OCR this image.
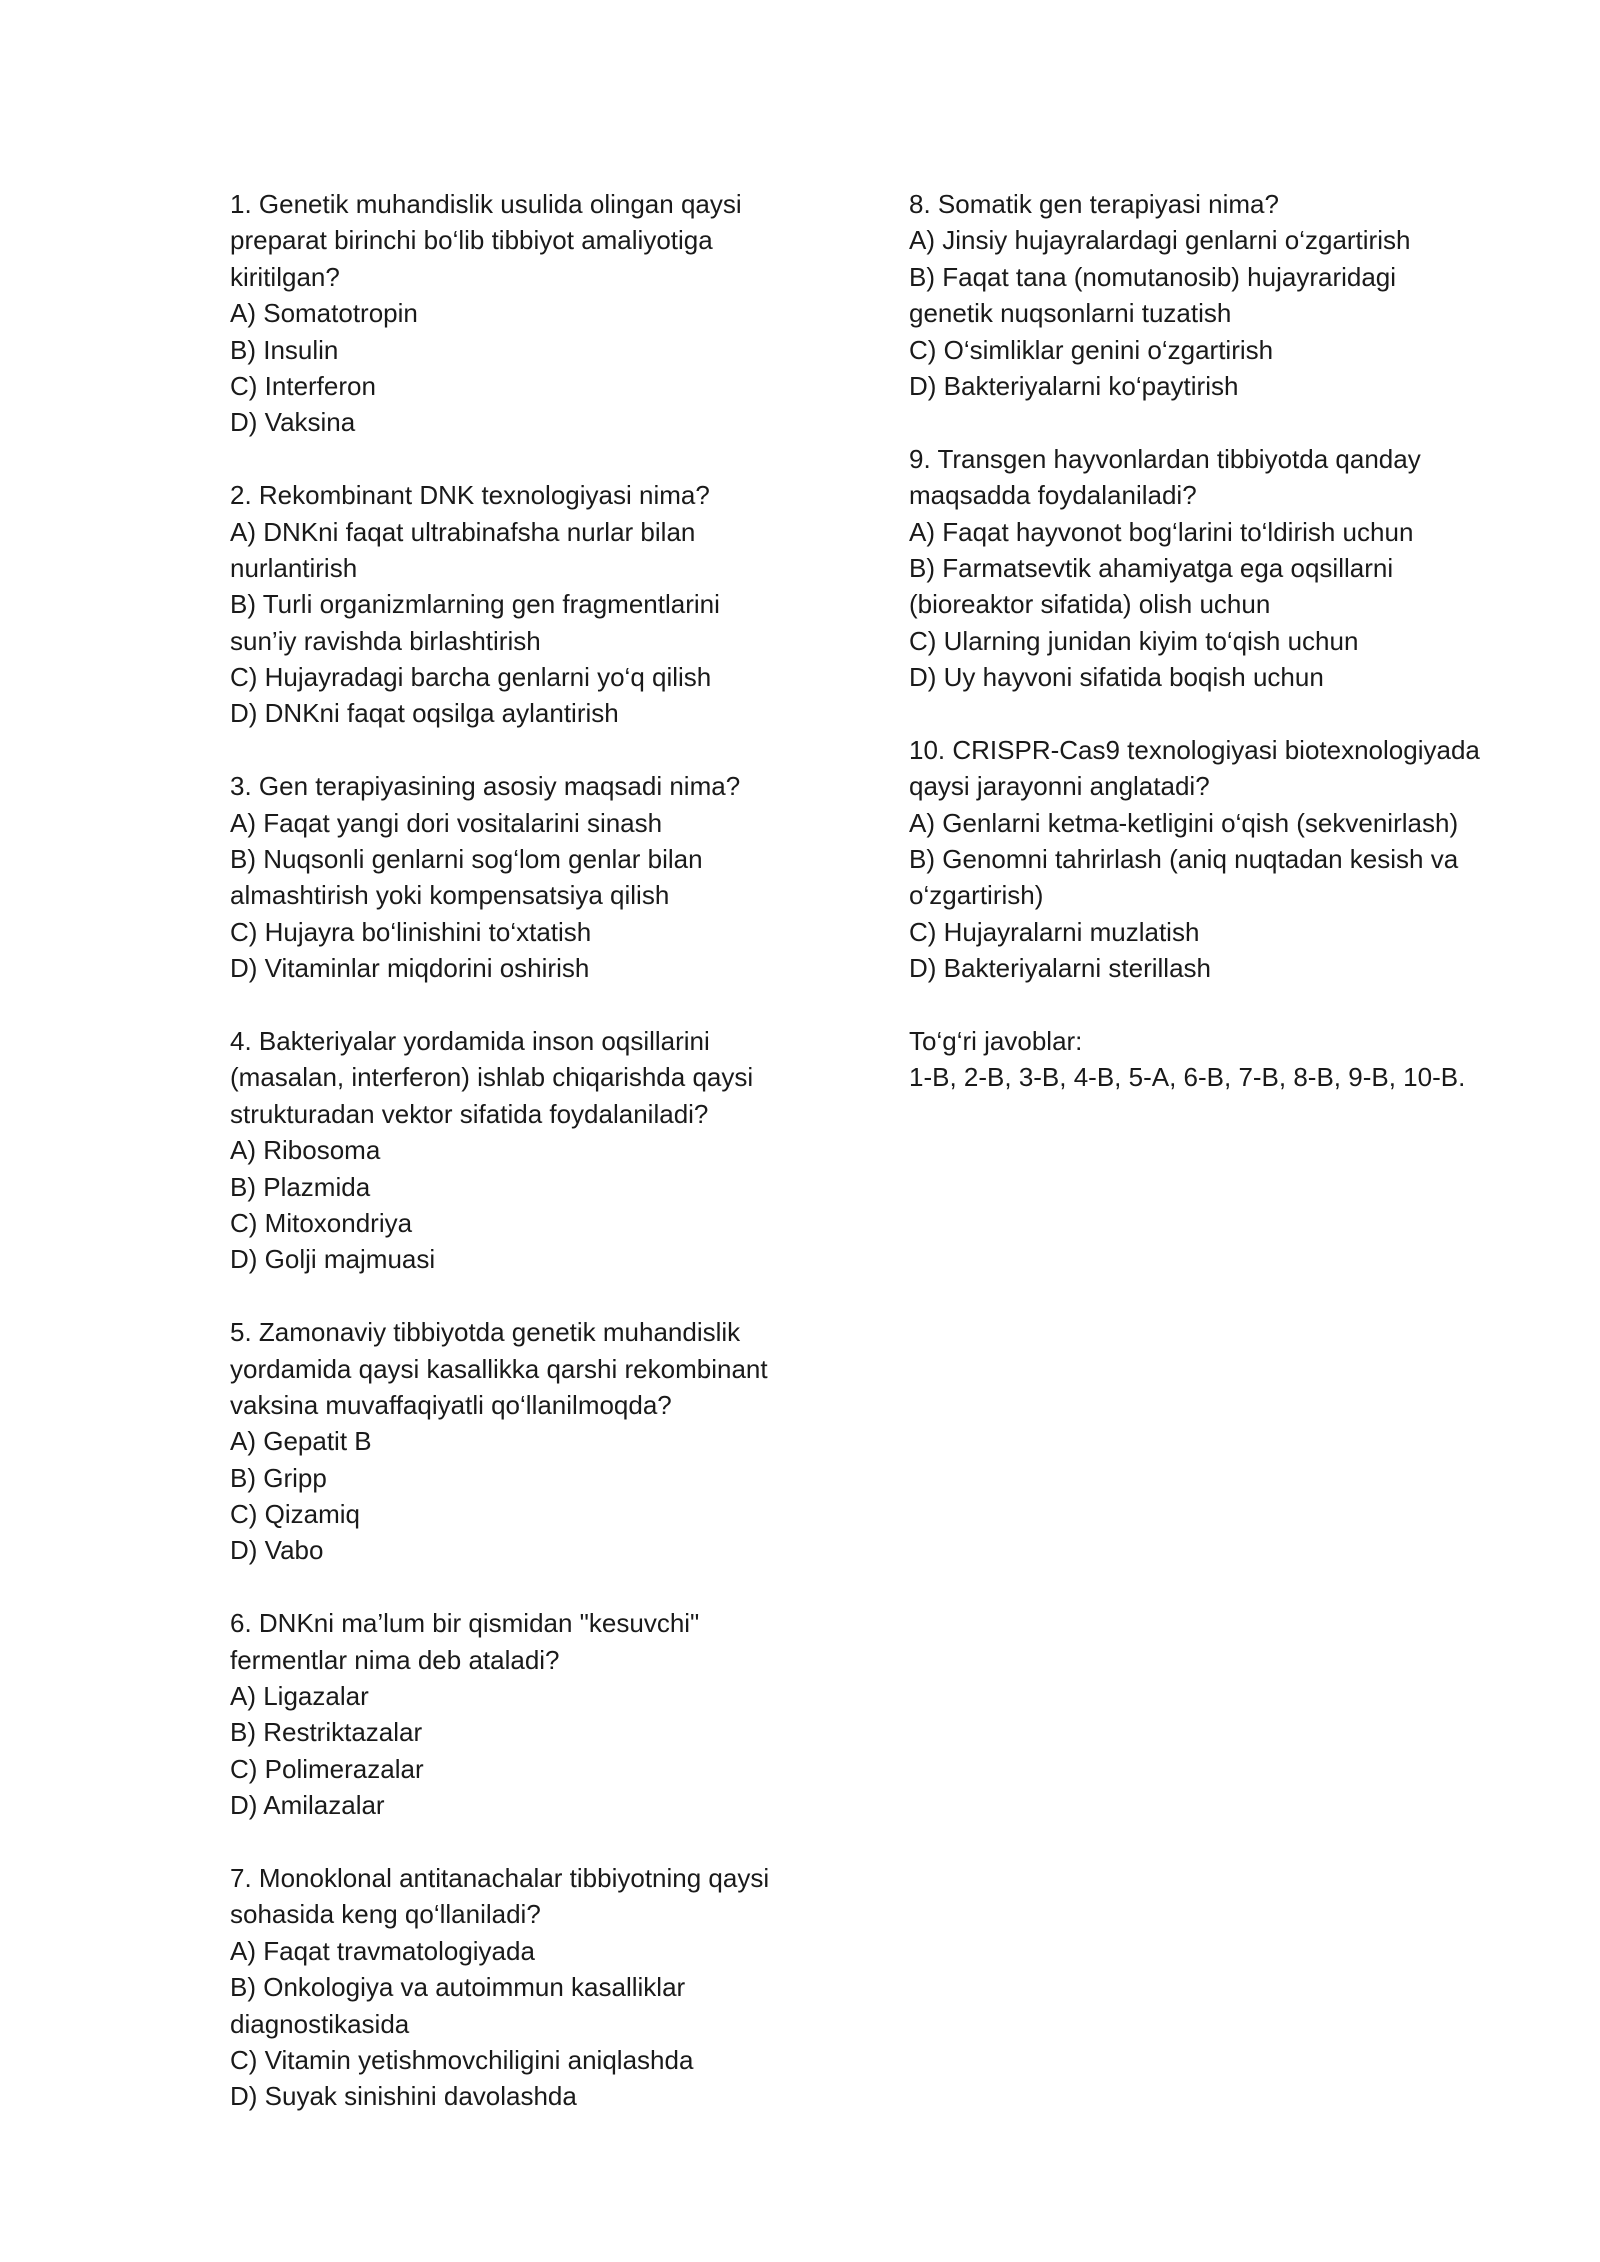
1. Genetik muhandislik usulida olingan qaysi
preparat birinchi bo‘lib tibbiyot amaliyotiga
kiritilgan?
A) Somatotropin
B) Insulin
C) Interferon
D) Vaksina
2. Rekombinant DNK texnologiyasi nima?
A) DNKni faqat ultrabinafsha nurlar bilan
nurlantirish
B) Turli organizmlarning gen fragmentlarini
sun’iy ravishda birlashtirish
C) Hujayradagi barcha genlarni yo‘q qilish
D) DNKni faqat oqsilga aylantirish
3. Gen terapiyasining asosiy maqsadi nima?
A) Faqat yangi dori vositalarini sinash
B) Nuqsonli genlarni sog‘lom genlar bilan
almashtirish yoki kompensatsiya qilish
C) Hujayra bo‘linishini to‘xtatish
D) Vitaminlar miqdorini oshirish
4. Bakteriyalar yordamida inson oqsillarini
(masalan, interferon) ishlab chiqarishda qaysi
strukturadan vektor sifatida foydalaniladi?
A) Ribosoma
B) Plazmida
C) Mitoxondriya
D) Golji majmuasi
5. Zamonaviy tibbiyotda genetik muhandislik
yordamida qaysi kasallikka qarshi rekombinant
vaksina muvaffaqiyatli qo‘llanilmoqda?
A) Gepatit B
B) Gripp
C) Qizamiq
D) Vabo
6. DNKni ma’lum bir qismidan "kesuvchi"
fermentlar nima deb ataladi?
A) Ligazalar
B) Restriktazalar
C) Polimerazalar
D) Amilazalar
7. Monoklonal antitanachalar tibbiyotning qaysi
sohasida keng qo‘llaniladi?
A) Faqat travmatologiyada
B) Onkologiya va autoimmun kasalliklar
diagnostikasida
C) Vitamin yetishmovchiligini aniqlashda
D) Suyak sinishini davolashda
8. Somatik gen terapiyasi nima?
A) Jinsiy hujayralardagi genlarni o‘zgartirish
B) Faqat tana (nomutanosib) hujayraridagi
genetik nuqsonlarni tuzatish
C) O‘simliklar genini o‘zgartirish
D) Bakteriyalarni ko‘paytirish
9. Transgen hayvonlardan tibbiyotda qanday
maqsadda foydalaniladi?
A) Faqat hayvonot bog‘larini to‘ldirish uchun
B) Farmatsevtik ahamiyatga ega oqsillarni
(bioreaktor sifatida) olish uchun
C) Ularning junidan kiyim to‘qish uchun
D) Uy hayvoni sifatida boqish uchun
10. CRISPR-Cas9 texnologiyasi biotexnologiyada
qaysi jarayonni anglatadi?
A) Genlarni ketma-ketligini o‘qish (sekvenirlash)
B) Genomni tahrirlash (aniq nuqtadan kesish va
o‘zgartirish)
C) Hujayralarni muzlatish
D) Bakteriyalarni sterillash
To‘g‘ri javoblar:
1-B, 2-B, 3-B, 4-B, 5-A, 6-B, 7-B, 8-B, 9-B, 10-B.
